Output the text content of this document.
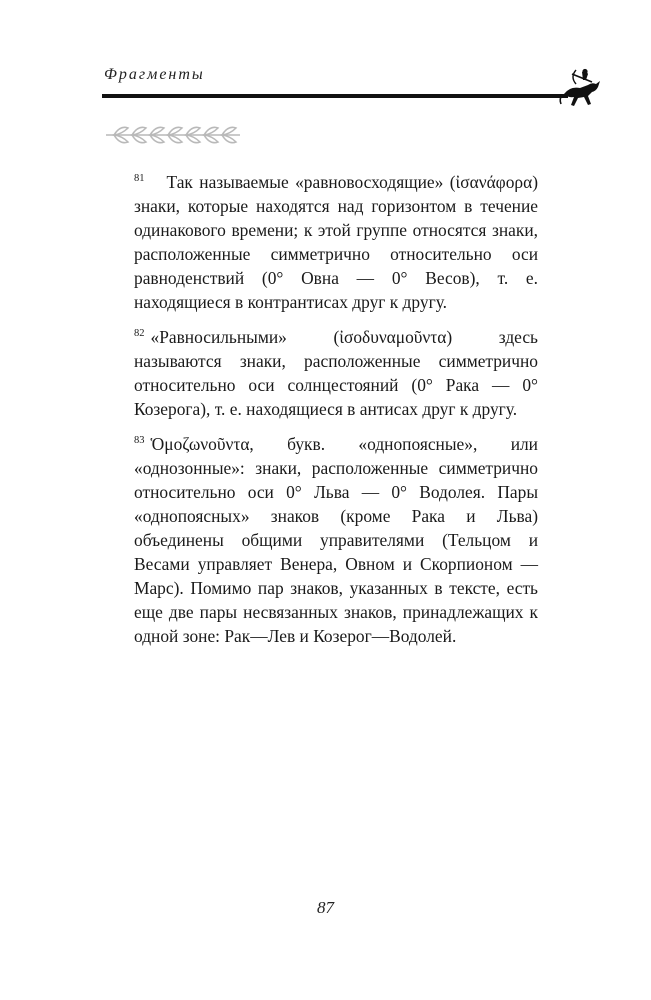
Фрагменты

$^{81}$ Так называемые «равновосходящие» (ἰσανάφορα) знаки, которые находятся над горизонтом в течение одинакового времени; к этой группе относятся знаки, расположенные симметрично относительно оси равноденствий (0° Овна — 0° Весов), т. е. находящиеся в контрантисах друг к другу.

$^{82}$ «Равносильными» (ἰσοδυναμοῦντα) здесь называются знаки, расположенные симметрично относительно оси солнцестояний (0° Рака — 0° Козерога), т. е. находящиеся в антисах друг к другу.

$^{83}$ Ὁμοζωνοῦντα, букв. «однопоясные», или «однозонные»: знаки, расположенные симметрично относительно оси 0° Льва — 0° Водолея. Пары «однопоясных» знаков (кроме Рака и Льва) объединены общими управителями (Тельцом и Весами управляет Венера, Овном и Скорпионом — Марс). Помимо пар знаков, указанных в тексте, есть еще две пары несвязанных знаков, принадлежащих к одной зоне: Рак—Лев и Козерог—Водолей.

87
